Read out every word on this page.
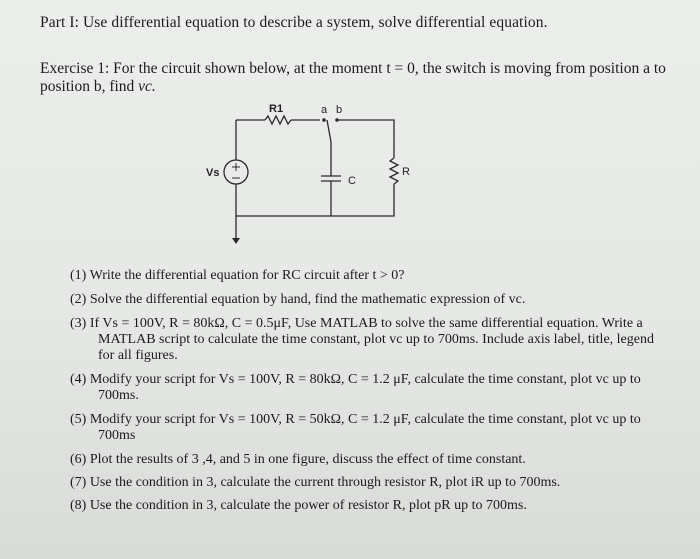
Part I: Use differential equation to describe a system, solve differential equation.
Exercise 1: For the circuit shown below, at the moment t = 0, the switch is moving from position a to position b, find vc.
R1	a b
Vs
C
R
(1) Write the differential equation for RC circuit after t > 0?
(2) Solve the differential equation by hand, find the mathematic expression of vc.
(3) If Vs = 100V, R = 80kΩ, C = 0.5μF, Use MATLAB to solve the same differential equation. Write a MATLAB script to calculate the time constant, plot vc up to 700ms. Include axis label, title, legend for all figures.
(4) Modify your script for Vs = 100V, R = 80kΩ, C = 1.2 μF, calculate the time constant, plot vc up to 700ms.
(5) Modify your script for Vs = 100V, R = 50kΩ, C = 1.2 μF, calculate the time constant, plot vc up to 700ms
(6) Plot the results of 3 ,4, and 5 in one figure, discuss the effect of time constant.
(7) Use the condition in 3, calculate the current through resistor R, plot iR up to 700ms.
(8) Use the condition in 3, calculate the power of resistor R, plot pR up to 700ms.
